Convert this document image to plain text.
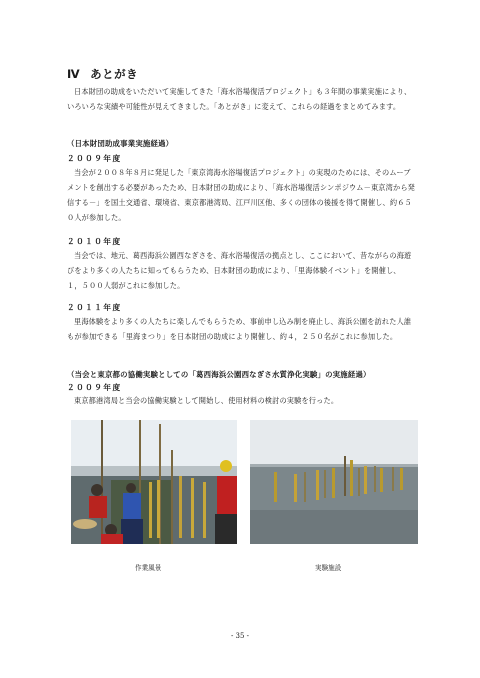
Ⅳ あとがき
日本財団の助成をいただいて実施してきた「海水浴場復活プロジェクト」も３年間の事業実施により、いろいろな実績や可能性が見えてきました。「あとがき」に変えて、これらの経過をまとめてみます。
（日本財団助成事業実施経過）
２００９年度
当会が２００８年８月に発足した「東京湾海水浴場復活プロジェクト」の実現のためには、そのムーブメントを創出する必要があったため、日本財団の助成により、「海水浴場復活シンポジウム－東京湾から発信する－」を国土交通省、環境省、東京都港湾局、江戸川区他、多くの団体の後援を得て開催し、約６５０人が参加した。
２０１０年度
当会では、地元、葛西海浜公園西なぎさを、海水浴場復活の拠点とし、ここにおいて、昔ながらの海遊びをより多くの人たちに知ってもらうため、日本財団の助成により、「里海体験イベント」を開催し、１，５００人弱がこれに参加した。
２０１１年度
里海体験をより多くの人たちに楽しんでもらうため、事前申し込み制を廃止し、海浜公園を訪れた人誰もが参加できる「里海まつり」を日本財団の助成により開催し、約４，２５０名がこれに参加した。
（当会と東京都の協働実験としての「葛西海浜公園西なぎさ水質浄化実験」の実施経過）
２００９年度
東京都港湾局と当会の協働実験として開始し、使用材料の検討の実験を行った。
作業風景	実験施設
- 35 -
